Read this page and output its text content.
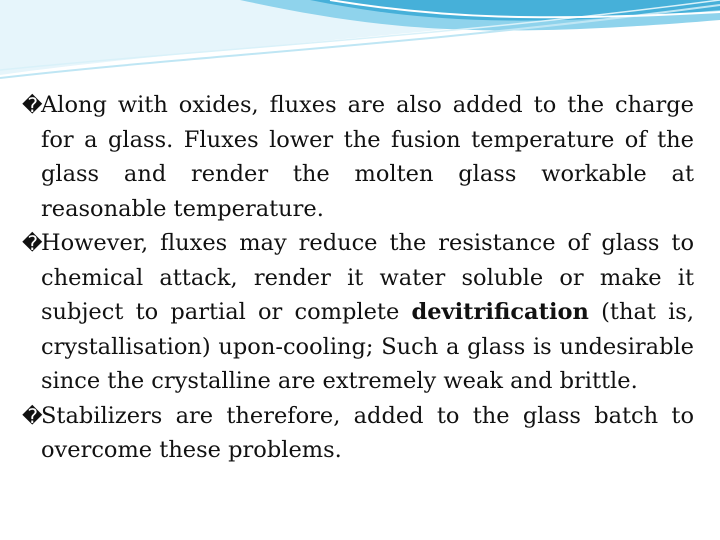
�
Along with oxides, fluxes are also added to the charge for a glass. Fluxes lower the fusion temperature of the glass and render the molten glass workable at reasonable temperature.

�
However, fluxes may reduce the resistance of glass to chemical attack, render it water soluble or make it subject to partial or complete devitrification (that is, crystallisation) upon-cooling; Such a glass is undesirable since the crystalline are extremely weak and brittle.

�
Stabilizers are therefore, added to the glass batch to overcome these problems.
